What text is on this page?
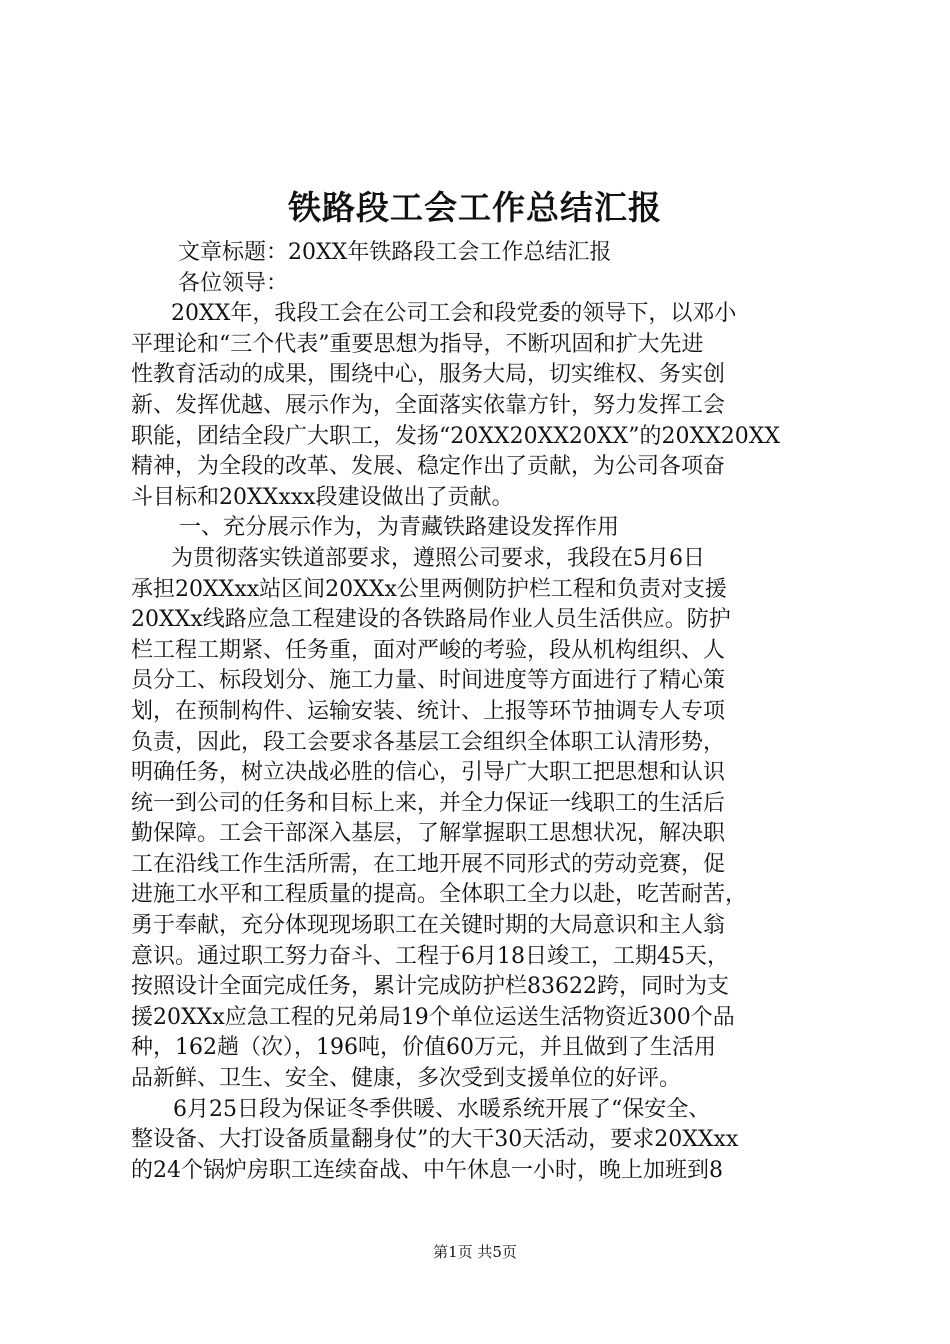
铁路段工会工作总结汇报
文章标题：20XX年铁路段工会工作总结汇报
各位领导：
20XX年，我段工会在公司工会和段党委的领导下，以邓小
平理论和“三个代表”重要思想为指导，不断巩固和扩大先进
性教育活动的成果，围绕中心，服务大局，切实维权、务实创
新、发挥优越、展示作为，全面落实依靠方针，努力发挥工会
职能，团结全段广大职工，发扬“20XX20XX20XX”的20XX20XX
精神，为全段的改革、发展、稳定作出了贡献，为公司各项奋
斗目标和20XXxxx段建设做出了贡献。
一、充分展示作为，为青藏铁路建设发挥作用
为贯彻落实铁道部要求，遵照公司要求，我段在5月6日
承担20XXxx站区间20XXx公里两侧防护栏工程和负责对支援
20XXx线路应急工程建设的各铁路局作业人员生活供应。防护
栏工程工期紧、任务重，面对严峻的考验，段从机构组织、人
员分工、标段划分、施工力量、时间进度等方面进行了精心策
划，在预制构件、运输安装、统计、上报等环节抽调专人专项
负责，因此，段工会要求各基层工会组织全体职工认清形势，
明确任务，树立决战必胜的信心，引导广大职工把思想和认识
统一到公司的任务和目标上来，并全力保证一线职工的生活后
勤保障。工会干部深入基层，了解掌握职工思想状况，解决职
工在沿线工作生活所需，在工地开展不同形式的劳动竞赛，促
进施工水平和工程质量的提高。全体职工全力以赴，吃苦耐苦，
勇于奉献，充分体现现场职工在关键时期的大局意识和主人翁
意识。通过职工努力奋斗、工程于6月18日竣工，工期45天，
按照设计全面完成任务，累计完成防护栏83622跨，同时为支
援20XXx应急工程的兄弟局19个单位运送生活物资近300个品
种，162趟（次），196吨，价值60万元，并且做到了生活用
品新鲜、卫生、安全、健康，多次受到支援单位的好评。
6月25日段为保证冬季供暖、水暖系统开展了“保安全、
整设备、大打设备质量翻身仗”的大干30天活动，要求20XXxx
的24个锅炉房职工连续奋战、中午休息一小时，晚上加班到8
第1页 共5页
